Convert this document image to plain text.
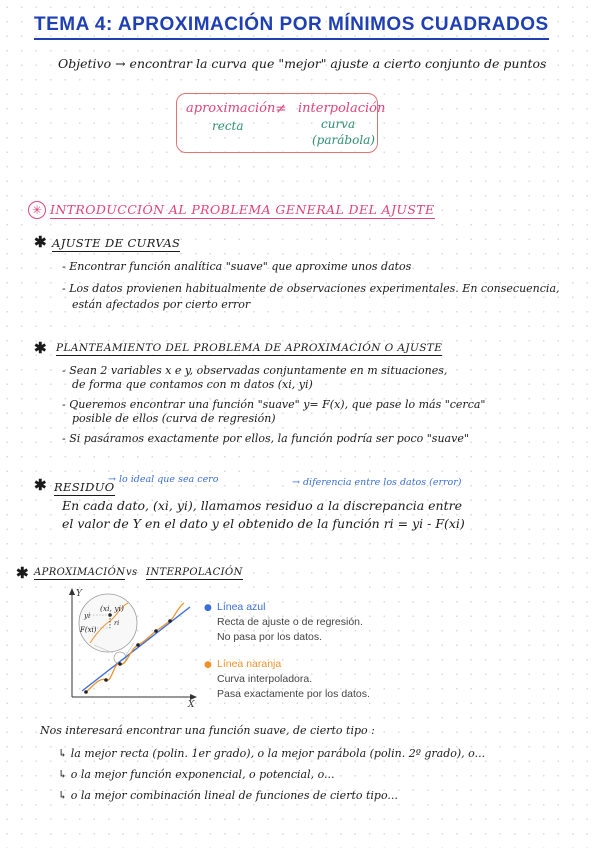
TEMA 4: APROXIMACIÓN POR MÍNIMOS CUADRADOS
Objetivo → encontrar la curva que "mejor" ajuste a cierto conjunto de puntos
aproximación ≠ interpolación
recta	curva
(parábola)
✳ INTRODUCCIÓN AL PROBLEMA GENERAL DEL AJUSTE
✱ AJUSTE DE CURVAS
- Encontrar función analítica "suave" que aproxime unos datos
- Los datos provienen habitualmente de observaciones experimentales. En consecuencia,
están afectados por cierto error
✱ PLANTEAMIENTO DEL PROBLEMA DE APROXIMACIÓN O AJUSTE
- Sean 2 variables x e y, observadas conjuntamente en m situaciones,
de forma que contamos con m datos (xi, yi)
- Queremos encontrar una función "suave" y= F(x), que pase lo más "cerca"
posible de ellos (curva de regresión)
- Si pasáramos exactamente por ellos, la función podría ser poco "suave"
✱ RESIDUO
→ lo ideal que sea cero	→ diferencia entre los datos (error)
En cada dato, (xi, yi), llamamos residuo a la discrepancia entre
el valor de Y en el dato y el obtenido de la función ri = yi - F(xi)
✱ APROXIMACIÓN vs INTERPOLACIÓN
Y
X
(xi, yi)
yi
F(xi)
ri
● Línea azul
Recta de ajuste o de regresión.
No pasa por los datos.
● Línea naranja
Curva interpoladora.
Pasa exactamente por los datos.
Nos interesará encontrar una función suave, de cierto tipo :
↳ la mejor recta (polin. 1er grado), o la mejor parábola (polin. 2º grado), o...
↳ o la mejor función exponencial, o potencial, o...
↳ o la mejor combinación lineal de funciones de cierto tipo...
